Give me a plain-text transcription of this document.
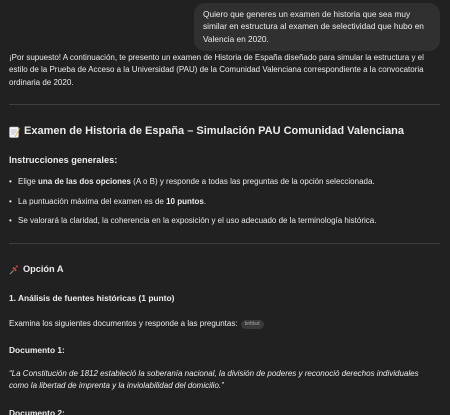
Quiero que generes un examen de historia que sea muy similar en estructura al examen de selectividad que hubo en Valencia en 2020.

¡Por supuesto! A continuación, te presento un examen de Historia de España diseñado para simular la estructura y el estilo de la Prueba de Acceso a la Universidad (PAU) de la Comunidad Valenciana correspondiente a la convocatoria ordinaria de 2020.

Examen de Historia de España – Simulación PAU Comunidad Valenciana
Instrucciones generales:
• Elige una de las dos opciones (A o B) y responde a todas las preguntas de la opción seleccionada.
• La puntuación máxima del examen es de 10 puntos.
• Se valorará la claridad, la coherencia en la exposición y el uso adecuado de la terminología histórica.
Opción A
1. Análisis de fuentes históricas (1 punto)
Examina los siguientes documentos y responde a las preguntas: bnfdsd
Documento 1:

“La Constitución de 1812 estableció la soberanía nacional, la división de poderes y reconoció derechos individuales como la libertad de imprenta y la inviolabilidad del domicilio.”

Documento 2:
